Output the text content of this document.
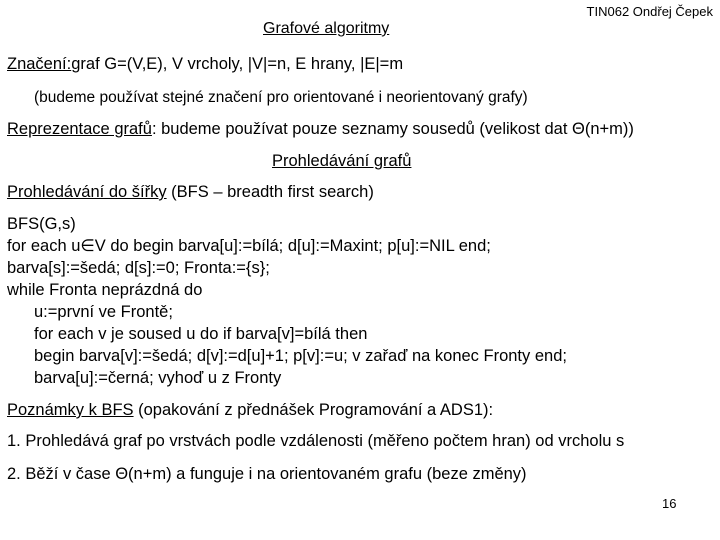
TIN062 Ondřej Čepek
Grafové algoritmy
Značení:graf G=(V,E), V vrcholy, |V|=n, E hrany, |E|=m
(budeme používat stejné značení pro orientované i neorientovaný grafy)
Reprezentace grafů: budeme používat pouze seznamy sousedů (velikost dat Θ(n+m))
Prohledávání grafů
Prohledávání do šířky (BFS – breadth first search)
BFS(G,s)
for each u∈V do begin barva[u]:=bílá; d[u]:=Maxint; p[u]:=NIL end;
barva[s]:=šedá; d[s]:=0; Fronta:={s};
while Fronta neprázdná do
u:=první ve Frontě;
for each v je soused u do if barva[v]=bílá then
begin barva[v]:=šedá; d[v]:=d[u]+1; p[v]:=u; v zařaď na konec Fronty end;
barva[u]:=černá; vyhoď u z Fronty
Poznámky k BFS (opakování z přednášek Programování a ADS1):
1. Prohledává graf po vrstvách podle vzdálenosti (měřeno počtem hran) od vrcholu s
2. Běží v čase Θ(n+m) a funguje i na orientovaném grafu (beze změny)
16
